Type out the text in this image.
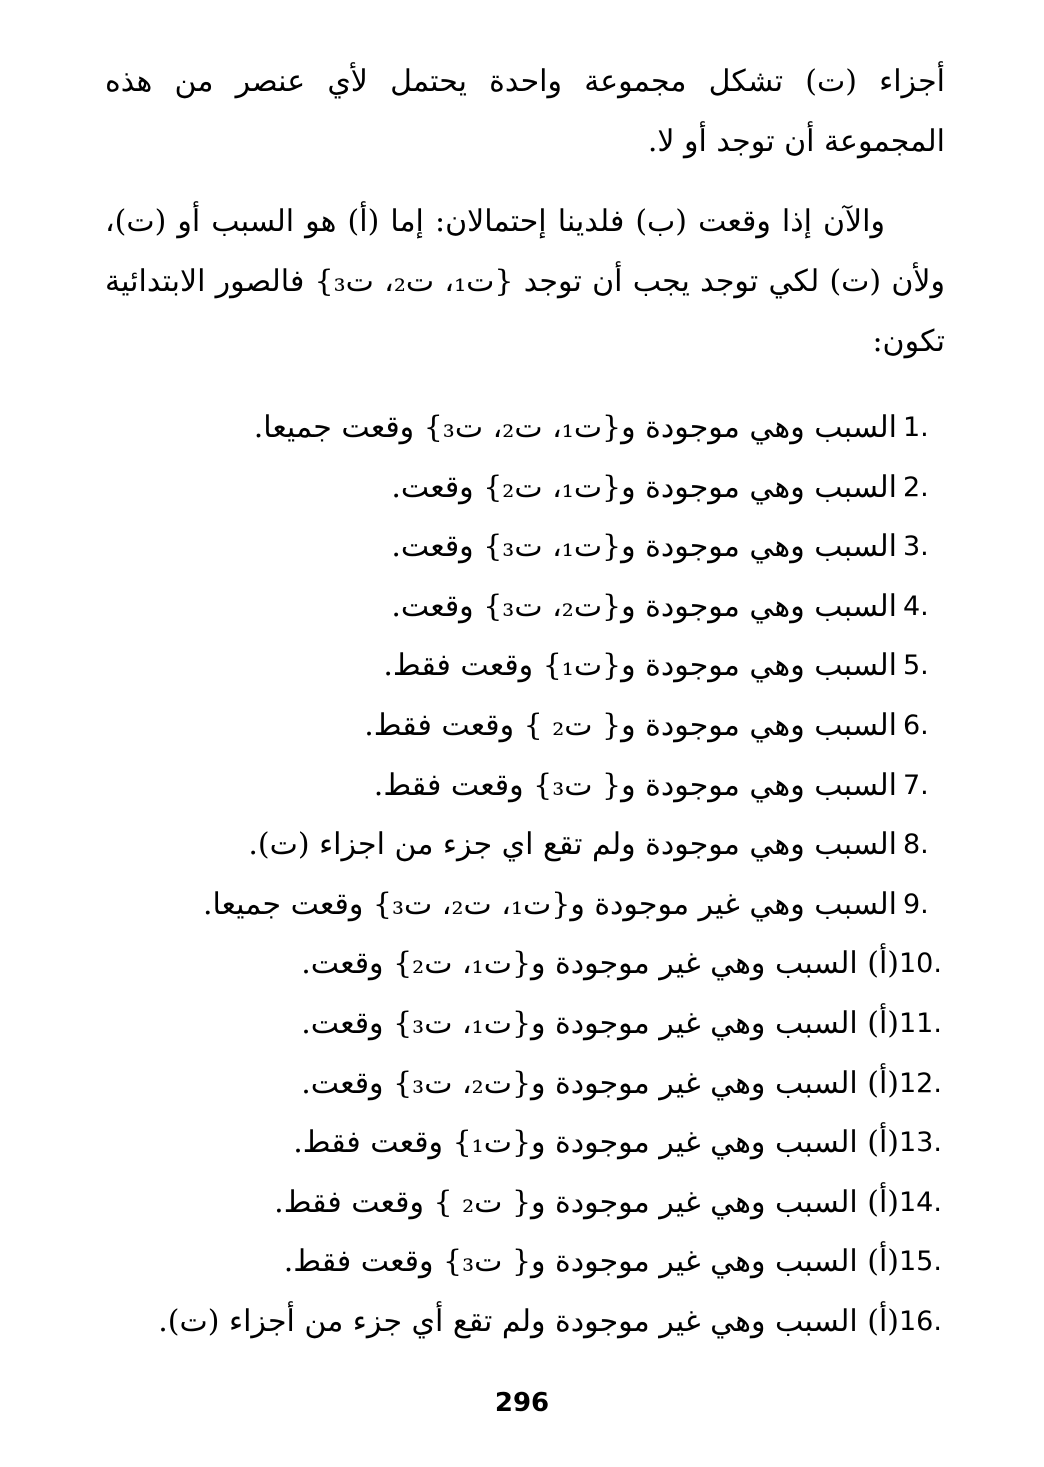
أجزاء (ت) تشكل مجموعة واحدة يحتمل لأي عنصر من هذه المجموعة أن توجد أو لا.

والآن إذا وقعت (ب) فلدينا إحتمالان: إما (أ) هو السبب أو (ت)، ولأن (ت) لكي توجد يجب أن توجد {ت₁، ت₂، ت₃} فالصور الابتدائية تكون:

1.
السبب وهي موجودة و{ت₁، ت₂، ت₃} وقعت جميعا.
2.
السبب وهي موجودة و{ت₁، ت₂} وقعت.
3.
السبب وهي موجودة و{ت₁، ت₃} وقعت.
4.
السبب وهي موجودة و{ت₂، ت₃} وقعت.
5.
السبب وهي موجودة و{ت₁} وقعت فقط.
6.
السبب وهي موجودة و{ ت₂ } وقعت فقط.
7.
السبب وهي موجودة و{ ت₃} وقعت فقط.
8.
السبب وهي موجودة ولم تقع اي جزء من اجزاء (ت).
9.
السبب وهي غير موجودة و{ت₁، ت₂، ت₃} وقعت جميعا.
10.
(أ) السبب وهي غير موجودة و{ت₁، ت₂} وقعت.
11.
(أ) السبب وهي غير موجودة و{ت₁، ت₃} وقعت.
12.
(أ) السبب وهي غير موجودة و{ت₂، ت₃} وقعت.
13.
(أ) السبب وهي غير موجودة و{ت₁} وقعت فقط.
14.
(أ) السبب وهي غير موجودة و{ ت₂ } وقعت فقط.
15.
(أ) السبب وهي غير موجودة و{ ت₃} وقعت فقط.
16.
(أ) السبب وهي غير موجودة ولم تقع أي جزء من أجزاء (ت).
296
